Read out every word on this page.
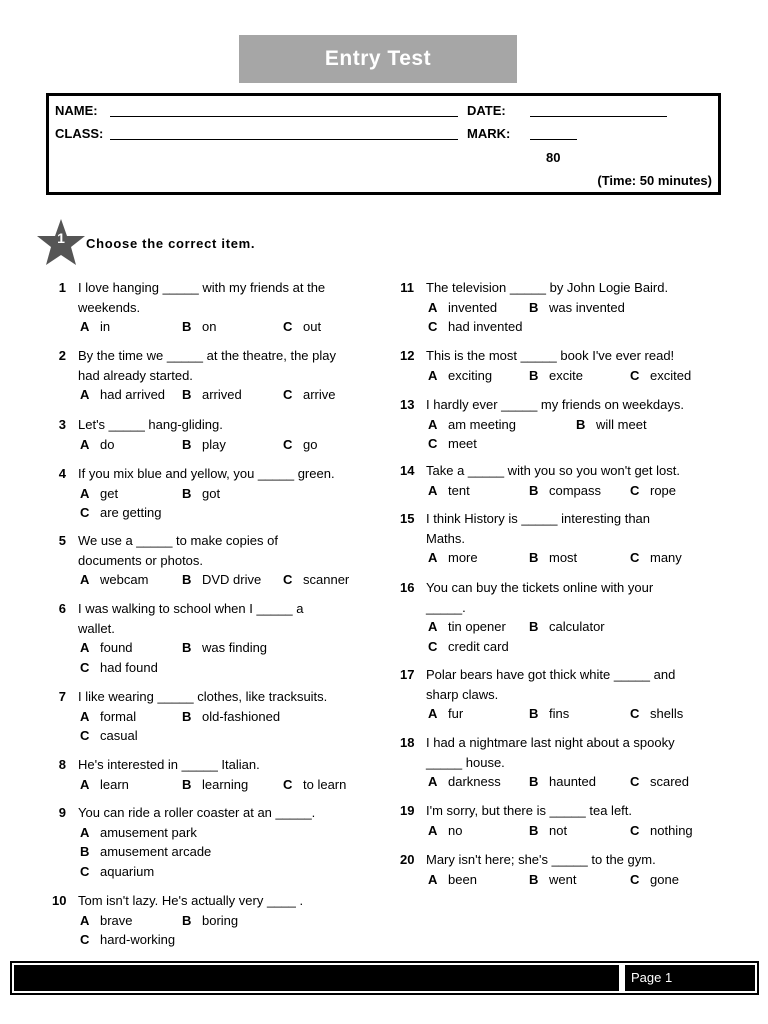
Entry Test
NAME:	DATE:
CLASS:	MARK:
80
(Time: 50 minutes)
1	Choose the correct item.
1 I love hanging _____ with my friends at the
weekends.
A in	B on	C out
2 By the time we _____ at the theatre, the play
had already started.
A had arrived B arrived	C arrive
3 Let's _____ hang-gliding.
A do	B play	C go
4 If you mix blue and yellow, you _____ green.
A get	B got
C are getting
5 We use a _____ to make copies of
documents or photos.
A webcam	B DVD drive C scanner
6 I was walking to school when I _____ a
wallet.
A found	B was finding
C had found
7 I like wearing _____ clothes, like tracksuits.
A formal	B old-fashioned
C casual
8 He's interested in _____ Italian.
A learn	B learning	C to learn
9 You can ride a roller coaster at an _____.
A amusement park
B amusement arcade
C aquarium
10 Tom isn't lazy. He's actually very ____ .
A brave	B boring
C hard-working
11 The television _____ by John Logie Baird.
A invented B was invented
C had invented
12 This is the most _____ book I've ever read!
A exciting	B excite	C excited
13 I hardly ever _____ my friends on weekdays.
A am meeting	B will meet
C meet
14 Take a _____ with you so you won't get lost.
A tent	B compass C rope
15 I think History is _____ interesting than
Maths.
A more	B most	C many
16 You can buy the tickets online with your
_____.
A tin opener B calculator
C credit card
17 Polar bears have got thick white _____ and
sharp claws.
A fur	B fins	C shells
18 I had a nightmare last night about a spooky
_____ house.
A darkness B haunted	C scared
19 I'm sorry, but there is _____ tea left.
A no	B not	C nothing
20 Mary isn't here; she's _____ to the gym.
A been	B went	C gone
Page 1
